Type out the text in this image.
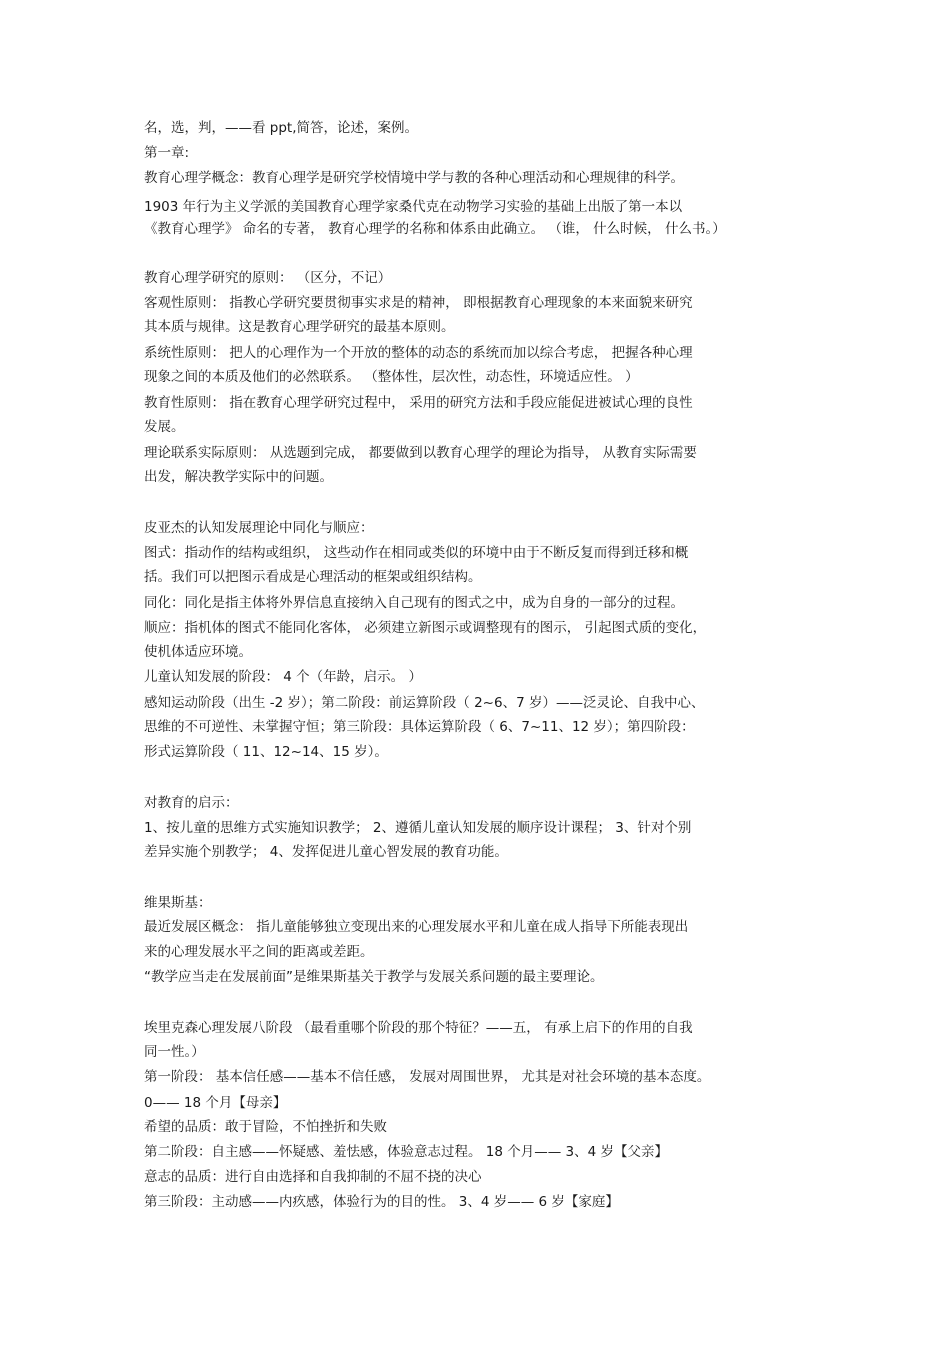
名，选，判，——看 ppt,简答，论述，案例。
第一章:
教育心理学概念：教育心理学是研究学校情境中学与教的各种心理活动和心理规律的科学。
1903 年行为主义学派的美国教育心理学家桑代克在动物学习实验的基础上出版了第一本以
《教育心理学》 命名的专著， 教育心理学的名称和体系由此确立。 （谁， 什么时候， 什么书。）
教育心理学研究的原则： （区分，不记）
客观性原则： 指教心学研究要贯彻事实求是的精神， 即根据教育心理现象的本来面貌来研究
其本质与规律。这是教育心理学研究的最基本原则。
系统性原则： 把人的心理作为一个开放的整体的动态的系统而加以综合考虑， 把握各种心理
现象之间的本质及他们的必然联系。 （整体性，层次性，动态性，环境适应性。 ）
教育性原则： 指在教育心理学研究过程中， 采用的研究方法和手段应能促进被试心理的良性
发展。
理论联系实际原则： 从选题到完成， 都要做到以教育心理学的理论为指导， 从教育实际需要
出发，解决教学实际中的问题。
皮亚杰的认知发展理论中同化与顺应：
图式：指动作的结构或组织， 这些动作在相同或类似的环境中由于不断反复而得到迁移和概
括。我们可以把图示看成是心理活动的框架或组织结构。
同化：同化是指主体将外界信息直接纳入自己现有的图式之中，成为自身的一部分的过程。
顺应：指机体的图式不能同化客体， 必须建立新图示或调整现有的图示， 引起图式质的变化，
使机体适应环境。
儿童认知发展的阶段： 4 个（年龄，启示。 ）
感知运动阶段（出生 -2 岁）；第二阶段：前运算阶段（ 2~6、7 岁）——泛灵论、自我中心、
思维的不可逆性、未掌握守恒；第三阶段：具体运算阶段（ 6、7~11、12 岁）；第四阶段：
形式运算阶段（ 11、12~14、15 岁）。
对教育的启示：
1、按儿童的思维方式实施知识教学； 2、遵循儿童认知发展的顺序设计课程； 3、针对个别
差异实施个别教学； 4、发挥促进儿童心智发展的教育功能。
维果斯基：
最近发展区概念： 指儿童能够独立变现出来的心理发展水平和儿童在成人指导下所能表现出
来的心理发展水平之间的距离或差距。
“教学应当走在发展前面”是维果斯基关于教学与发展关系问题的最主要理论。
埃里克森心理发展八阶段 （最看重哪个阶段的那个特征？——五， 有承上启下的作用的自我
同一性。）
第一阶段： 基本信任感——基本不信任感， 发展对周围世界， 尤其是对社会环境的基本态度。
0—— 18 个月【母亲】
希望的品质：敢于冒险，不怕挫折和失败
第二阶段：自主感——怀疑感、羞怯感，体验意志过程。 18 个月—— 3、4 岁【父亲】
意志的品质：进行自由选择和自我抑制的不屈不挠的决心
第三阶段：主动感——内疚感，体验行为的目的性。 3、4 岁—— 6 岁【家庭】
